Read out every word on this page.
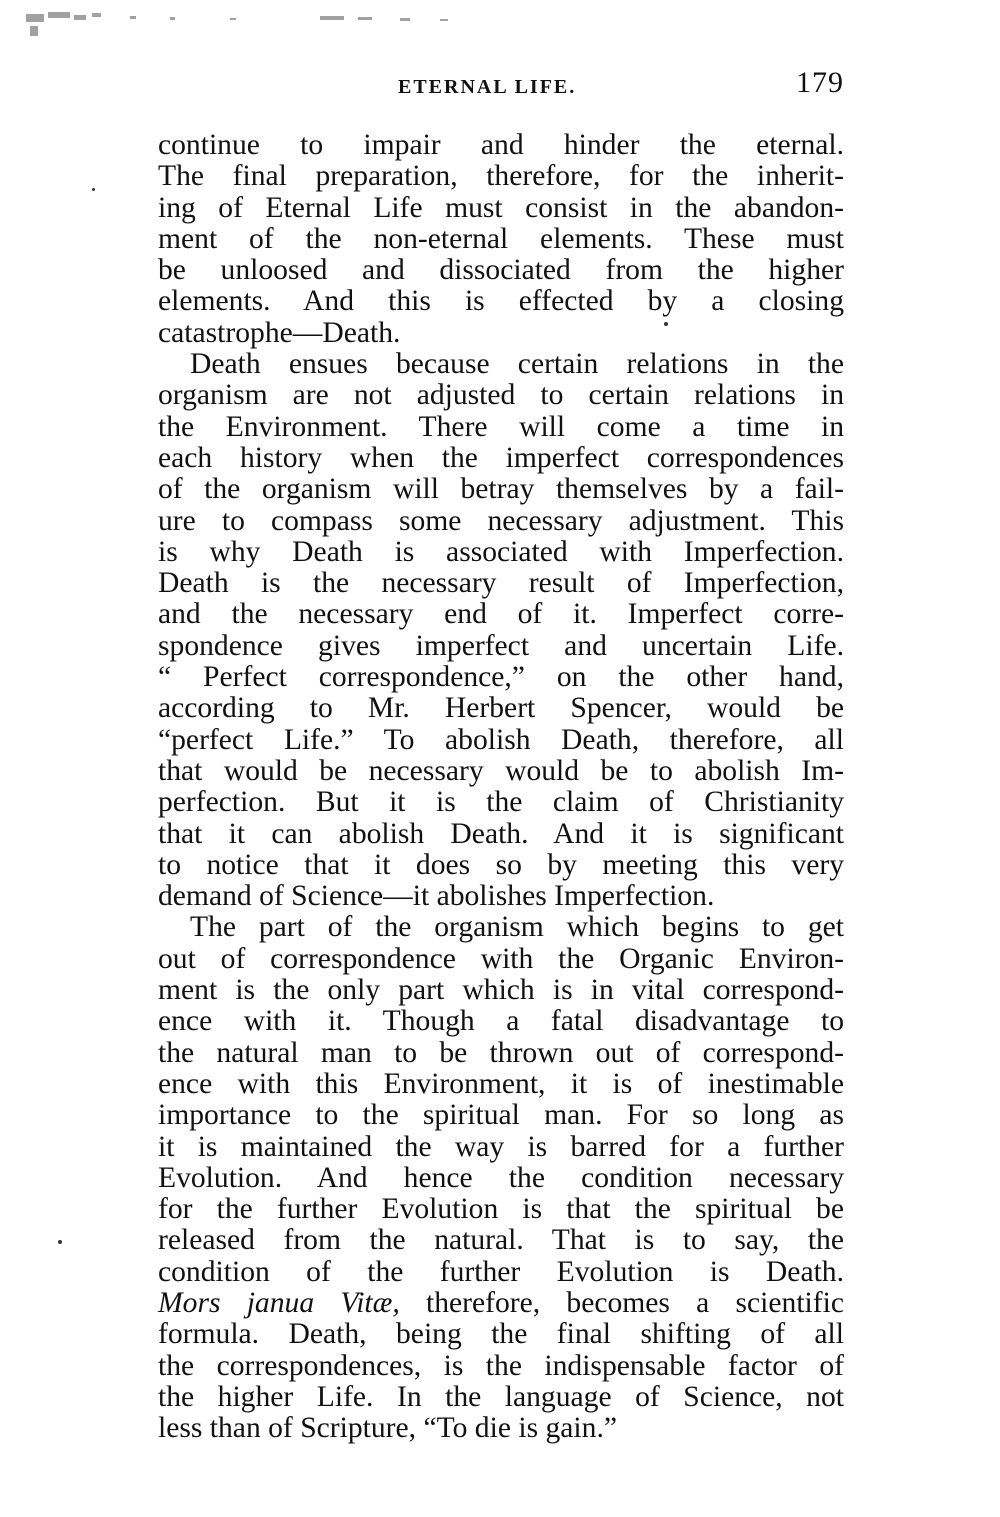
ETERNAL LIFE.	179
continue to impair and hinder the eternal.
The final preparation, therefore, for the inherit-
ing of Eternal Life must consist in the abandon-
ment of the non-eternal elements. These must
be unloosed and dissociated from the higher
elements. And this is effected by a closing
catastrophe—Death.
Death ensues because certain relations in the
organism are not adjusted to certain relations in
the Environment. There will come a time in
each history when the imperfect correspondences
of the organism will betray themselves by a fail-
ure to compass some necessary adjustment. This
is why Death is associated with Imperfection.
Death is the necessary result of Imperfection,
and the necessary end of it. Imperfect corre-
spondence gives imperfect and uncertain Life.
“ Perfect correspondence,” on the other hand,
according to Mr. Herbert Spencer, would be
“perfect Life.” To abolish Death, therefore, all
that would be necessary would be to abolish Im-
perfection. But it is the claim of Christianity
that it can abolish Death. And it is significant
to notice that it does so by meeting this very
demand of Science—it abolishes Imperfection.
The part of the organism which begins to get
out of correspondence with the Organic Environ-
ment is the only part which is in vital correspond-
ence with it. Though a fatal disadvantage to
the natural man to be thrown out of correspond-
ence with this Environment, it is of inestimable
importance to the spiritual man. For so long as
it is maintained the way is barred for a further
Evolution. And hence the condition necessary
for the further Evolution is that the spiritual be
released from the natural. That is to say, the
condition of the further Evolution is Death.
Mors janua Vitæ, therefore, becomes a scientific
formula. Death, being the final shifting of all
the correspondences, is the indispensable factor of
the higher Life. In the language of Science, not
less than of Scripture, “To die is gain.”
